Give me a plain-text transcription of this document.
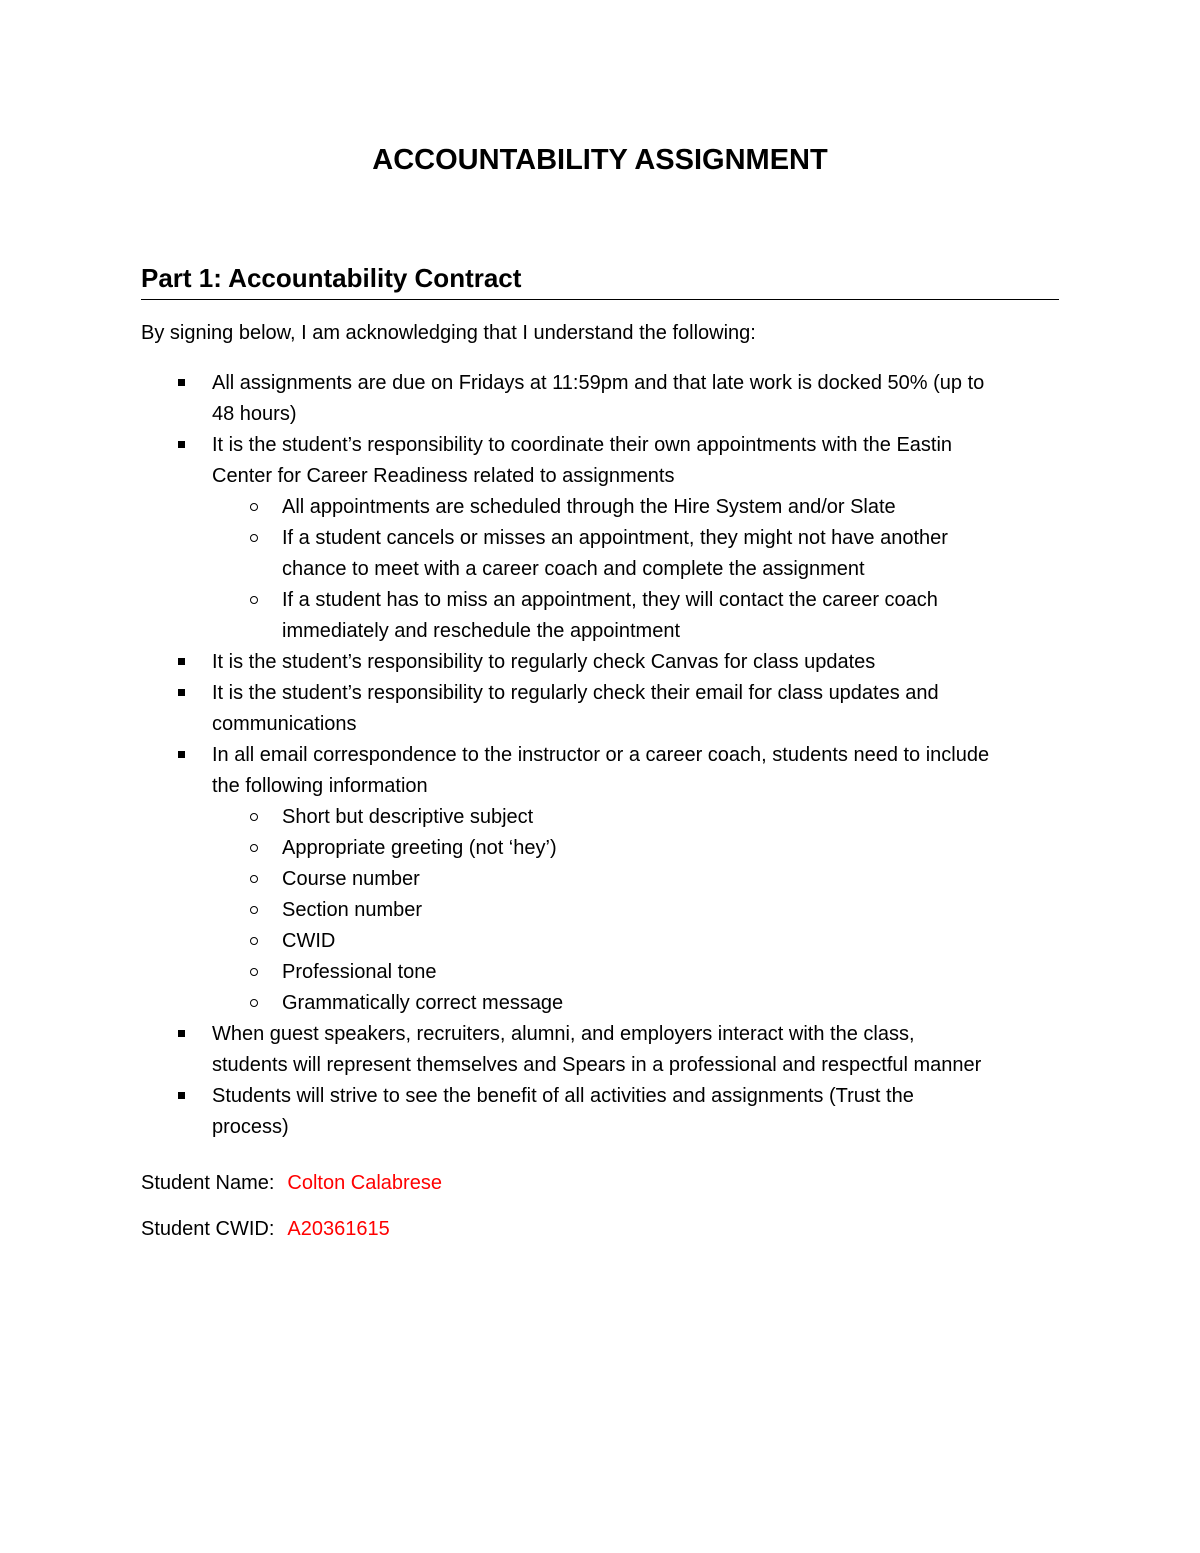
ACCOUNTABILITY ASSIGNMENT
Part 1: Accountability Contract
By signing below, I am acknowledging that I understand the following:
All assignments are due on Fridays at 11:59pm and that late work is docked 50% (up to
48 hours)
It is the student’s responsibility to coordinate their own appointments with the Eastin
Center for Career Readiness related to assignments
All appointments are scheduled through the Hire System and/or Slate
If a student cancels or misses an appointment, they might not have another
chance to meet with a career coach and complete the assignment
If a student has to miss an appointment, they will contact the career coach
immediately and reschedule the appointment
It is the student’s responsibility to regularly check Canvas for class updates
It is the student’s responsibility to regularly check their email for class updates and
communications
In all email correspondence to the instructor or a career coach, students need to include
the following information
Short but descriptive subject
Appropriate greeting (not ‘hey’)
Course number
Section number
CWID
Professional tone
Grammatically correct message
When guest speakers, recruiters, alumni, and employers interact with the class,
students will represent themselves and Spears in a professional and respectful manner
Students will strive to see the benefit of all activities and assignments (Trust the
process)
Student Name: Colton Calabrese
Student CWID: A20361615
